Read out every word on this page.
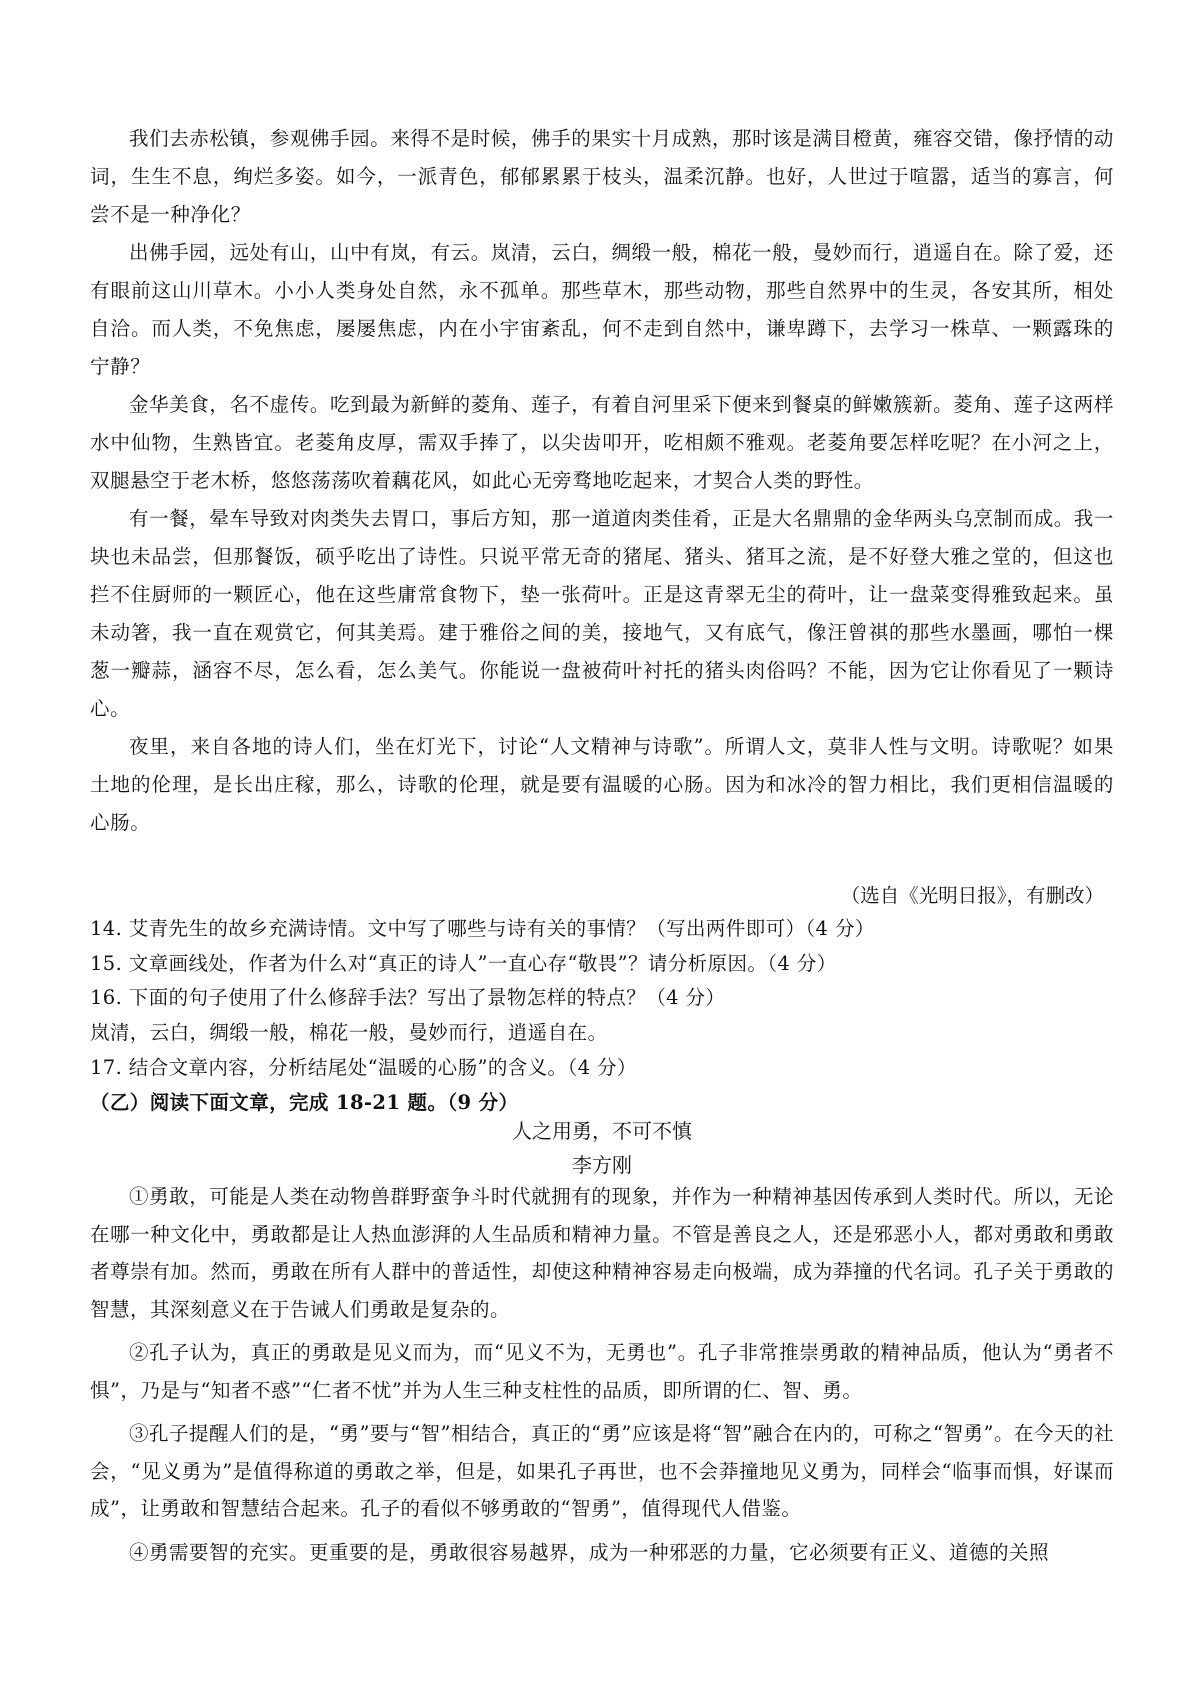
我们去赤松镇，参观佛手园。来得不是时候，佛手的果实十月成熟，那时该是满目橙黄，雍容交错，像抒情的动词，生生不息，绚烂多姿。如今，一派青色，郁郁累累于枝头，温柔沉静。也好，人世过于喧嚣，适当的寡言，何尝不是一种净化？

出佛手园，远处有山，山中有岚，有云。岚清，云白，绸缎一般，棉花一般，曼妙而行，逍遥自在。除了爱，还有眼前这山川草木。小小人类身处自然，永不孤单。那些草木，那些动物，那些自然界中的生灵，各安其所，相处自洽。而人类，不免焦虑，屡屡焦虑，内在小宇宙紊乱，何不走到自然中，谦卑蹲下，去学习一株草、一颗露珠的宁静？

金华美食，名不虚传。吃到最为新鲜的菱角、莲子，有着自河里采下便来到餐桌的鲜嫩簇新。菱角、莲子这两样水中仙物，生熟皆宜。老菱角皮厚，需双手捧了，以尖齿叩开，吃相颇不雅观。老菱角要怎样吃呢？在小河之上，双腿悬空于老木桥，悠悠荡荡吹着藕花风，如此心无旁骛地吃起来，才契合人类的野性。

有一餐，晕车导致对肉类失去胃口，事后方知，那一道道肉类佳肴，正是大名鼎鼎的金华两头乌烹制而成。我一块也未品尝，但那餐饭，硕乎吃出了诗性。只说平常无奇的猪尾、猪头、猪耳之流，是不好登大雅之堂的，但这也拦不住厨师的一颗匠心，他在这些庸常食物下，垫一张荷叶。正是这青翠无尘的荷叶，让一盘菜变得雅致起来。虽未动箸，我一直在观赏它，何其美焉。建于雅俗之间的美，接地气，又有底气，像汪曾祺的那些水墨画，哪怕一棵葱一瓣蒜，涵容不尽，怎么看，怎么美气。你能说一盘被荷叶衬托的猪头肉俗吗？不能，因为它让你看见了一颗诗心。

夜里，来自各地的诗人们，坐在灯光下，讨论“人文精神与诗歌”。所谓人文，莫非人性与文明。诗歌呢？如果土地的伦理，是长出庄稼，那么，诗歌的伦理，就是要有温暖的心肠。因为和冰冷的智力相比，我们更相信温暖的心肠。

（选自《光明日报》，有删改）

14. 艾青先生的故乡充满诗情。文中写了哪些与诗有关的事情？（写出两件即可）（4 分）

15. 文章画线处，作者为什么对“真正的诗人”一直心存“敬畏”？请分析原因。（4 分）

16. 下面的句子使用了什么修辞手法？写出了景物怎样的特点？（4 分）

岚清，云白，绸缎一般，棉花一般，曼妙而行，逍遥自在。

17. 结合文章内容，分析结尾处“温暖的心肠”的含义。（4 分）

（乙）阅读下面文章，完成 18-21 题。（9 分）

人之用勇，不可不慎
李方刚

①勇敢，可能是人类在动物兽群野蛮争斗时代就拥有的现象，并作为一种精神基因传承到人类时代。所以，无论在哪一种文化中，勇敢都是让人热血澎湃的人生品质和精神力量。不管是善良之人，还是邪恶小人，都对勇敢和勇敢者尊崇有加。然而，勇敢在所有人群中的普适性，却使这种精神容易走向极端，成为莽撞的代名词。孔子关于勇敢的智慧，其深刻意义在于告诫人们勇敢是复杂的。

②孔子认为，真正的勇敢是见义而为，而“见义不为，无勇也”。孔子非常推崇勇敢的精神品质，他认为“勇者不惧”，乃是与“知者不惑”“仁者不忧”并为人生三种支柱性的品质，即所谓的仁、智、勇。

③孔子提醒人们的是，“勇”要与“智”相结合，真正的“勇”应该是将“智”融合在内的，可称之“智勇”。在今天的社会，“见义勇为”是值得称道的勇敢之举，但是，如果孔子再世，也不会莽撞地见义勇为，同样会“临事而惧，好谋而成”，让勇敢和智慧结合起来。孔子的看似不够勇敢的“智勇”，值得现代人借鉴。

④勇需要智的充实。更重要的是，勇敢很容易越界，成为一种邪恶的力量，它必须要有正义、道德的关照
